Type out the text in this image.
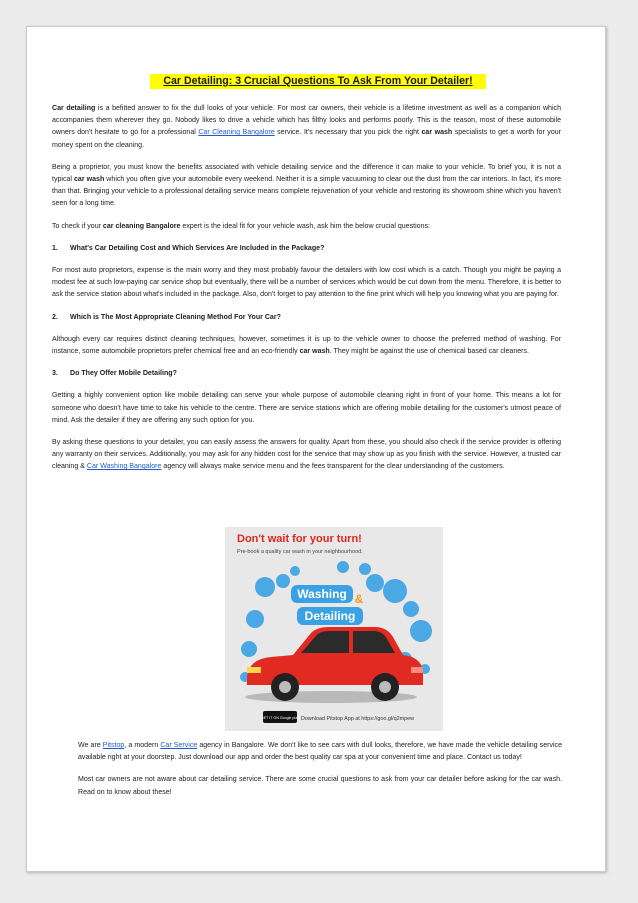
Car Detailing: 3 Crucial Questions To Ask From Your Detailer!

Car detailing is a befitted answer to fix the dull looks of your vehicle. For most car owners, their vehicle is a lifetime investment as well as a companion which accompanies them wherever they go. Nobody likes to drive a vehicle which has filthy looks and performs poorly. This is the reason, most of these automobile owners don't hesitate to go for a professional Car Cleaning Bangalore service. It's necessary that you pick the right car wash specialists to get a worth for your money spent on the cleaning.

Being a proprietor, you must know the benefits associated with vehicle detailing service and the difference it can make to your vehicle. To brief you, it is not a typical car wash which you often give your automobile every weekend. Neither it is a simple vacuuming to clear out the dust from the car interiors. In fact, it's more than that. Bringing your vehicle to a professional detailing service means complete rejuvenation of your vehicle and restoring its showroom shine which you haven't seen for a long time.

To check if your car cleaning Bangalore expert is the ideal fit for your vehicle wash, ask him the below crucial questions:

1. What's Car Detailing Cost and Which Services Are Included in the Package?

For most auto proprietors, expense is the main worry and they most probably favour the detailers with low cost which is a catch. Though you might be paying a modest fee at such low-paying car service shop but eventually, there will be a number of services which would be cut down from the menu. Therefore, it is better to ask the service station about what's included in the package. Also, don't forget to pay attention to the fine print which will help you knowing what you are paying for.

2. Which is The Most Appropriate Cleaning Method For Your Car?

Although every car requires distinct cleaning techniques, however, sometimes it is up to the vehicle owner to choose the preferred method of washing. For instance, some automobile proprietors prefer chemical free and an eco-friendly car wash. They might be against the use of chemical based car cleaners.

3. Do They Offer Mobile Detailing?

Getting a highly convenient option like mobile detailing can serve your whole purpose of automobile cleaning right in front of your home. This means a lot for someone who doesn't have time to take his vehicle to the centre. There are service stations which are offering mobile detailing for the customer's utmost peace of mind. Ask the detailer if they are offering any such option for you.

By asking these questions to your detailer, you can easily assess the answers for quality. Apart from these, you should also check if the service provider is offering any warranty on their services. Additionally, you may ask for any hidden cost for the service that may show up as you finish with the service. However, a trusted car cleaning & Car Washing Bangalore agency will always make service menu and the fees transparent for the clear understanding of the customers.

Don't wait for your turn!
Pre-book a quality car wash in your neighbourhood.
Washing &
Detailing
GET IT ON Google play Download Pitstop App at https://goo.gl/q2mpew

We are Pitstop, a modern Car Service agency in Bangalore. We don't like to see cars with dull looks, therefore, we have made the vehicle detailing service available right at your doorstep. Just download our app and order the best quality car spa at your convenient time and place. Contact us today!

Most car owners are not aware about car detailing service. There are some crucial questions to ask from your car detailer before asking for the car wash. Read on to know about these!
